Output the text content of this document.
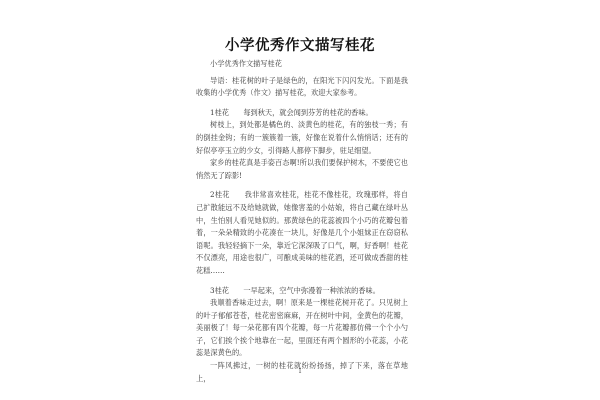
小学优秀作文描写桂花

小学优秀作文描写桂花

导语：桂花树的叶子是绿色的，在阳光下闪闪发光。下面是我收集的小学优秀（作文）描写桂花，欢迎大家参考。

1桂花　　每到秋天，就会闻到芬芳的桂花的香味。

树枝上，到处都是橘色的、淡黄色的桂花，有的独枝一秀；有的倒挂金钩；有的一簇簇着一簇，好像在说着什么悄悄话；还有的好似亭亭玉立的少女，引得路人都停下脚步，驻足细望。

家乡的桂花真是手姿百态啊!所以我们要保护树木，不要使它也悄然无了踪影!

2桂花　　我非常喜欢桂花，桂花不像桂花，玫瑰那样，将自己扩散能远不及给她就做，她像害羞的小姑娘，将自己藏在绿叶丛中，生怕别人看见她似的。那黄绿色的花蕊被四个小巧的花瓣包着着，一朵朵精致的小花凑在一块儿，好像是几个小姐妹正在窃窃私语呢。我轻轻摘下一朵，靠近它深深吸了口气，啊，好香啊！桂花不仅漂亮，用途也很广，可酿成美味的桂花酒，还可做成香甜的桂花糕……

3桂花　　一早起来，空气中弥漫着一种浓浓的香味。

我顺着香味走过去，啊！原来是一棵桂花树开花了。只见树上的叶子郁郁苍苍，桂花密密麻麻，开在树叶中间，金黄色的花瓣，美丽极了！每一朵花都有四个花瓣，每一片花瓣都仿佛一个个小勺子，它们挨个挨个地靠在一起，里面还有两个圆形的小花蕊，小花蕊是深黄色的。

一阵风拂过，一树的桂花就纷纷扬扬，掉了下来，落在草地上，

1
